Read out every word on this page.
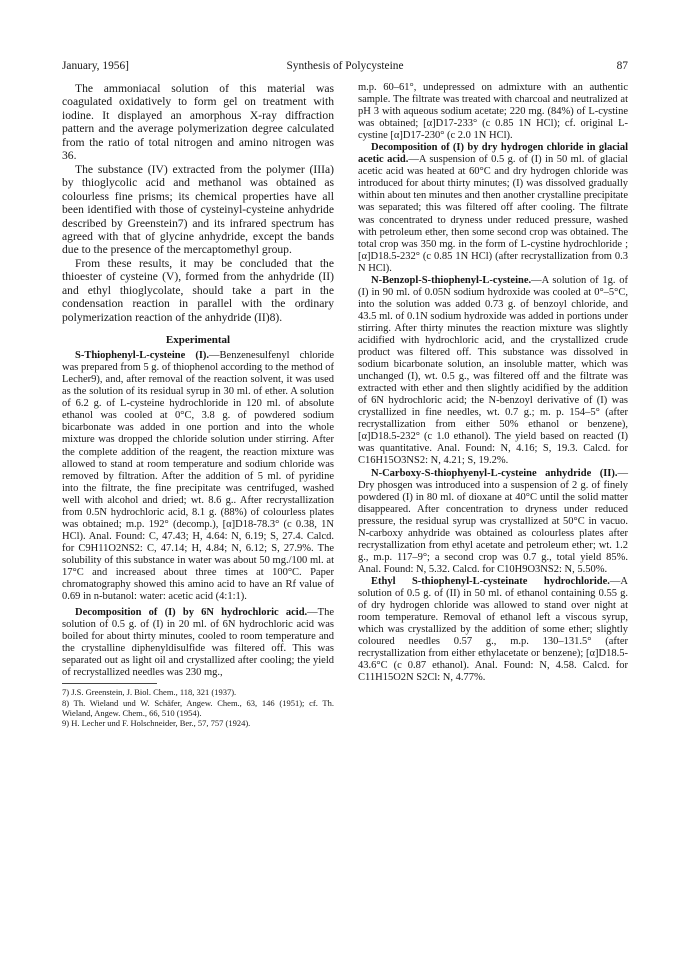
January, 1956]	Synthesis of Polycysteine	87

The ammoniacal solution of this material was coagulated oxidatively to form gel on treatment with iodine. It displayed an amorphous X-ray diffraction pattern and the average polymerization degree calculated from the ratio of total nitrogen and amino nitrogen was 36.

The substance (IV) extracted from the polymer (IIIa) by thioglycolic acid and methanol was obtained as colourless fine prisms; its chemical properties have all been identified with those of cysteinyl-cysteine anhydride described by Greenstein7) and its infrared spectrum has agreed with that of glycine anhydride, except the bands due to the presence of the mercaptomethyl group.

From these results, it may be concluded that the thioester of cysteine (V), formed from the anhydride (II) and ethyl thioglycolate, should take a part in the condensation reaction in parallel with the ordinary polymerization reaction of the anhydride (II)8).

Experimental

S-Thiophenyl-L-cysteine (I).—Benzenesulfenyl chloride was prepared from 5 g. of thiophenol according to the method of Lecher9), and, after removal of the reaction solvent, it was used as the solution of its residual syrup in 30 ml. of ether. A solution of 6.2 g. of L-cysteine hydrochloride in 120 ml. of absolute ethanol was cooled at 0°C, 3.8 g. of powdered sodium bicarbonate was added in one portion and into the whole mixture was dropped the chloride solution under stirring. After the complete addition of the reagent, the reaction mixture was allowed to stand at room temperature and sodium chloride was removed by filtration. After the addition of 5 ml. of pyridine into the filtrate, the fine precipitate was centrifuged, washed well with alcohol and dried; wt. 8.6 g.. After recrystallization from 0.5N hydrochloric acid, 8.1 g. (88%) of colourless plates was obtained; m.p. 192° (decomp.), [α]D18-78.3° (c 0.38, 1N HCl). Anal. Found: C, 47.43; H, 4.64: N, 6.19; S, 27.4. Calcd. for C9H11O2NS2: C, 47.14; H, 4.84; N, 6.12; S, 27.9%. The solubility of this substance in water was about 50 mg./100 ml. at 17°C and increased about three times at 100°C. Paper chromatography showed this amino acid to have an Rf value of 0.69 in n-butanol: water: acetic acid (4:1:1).

Decomposition of (I) by 6N hydrochloric acid.—The solution of 0.5 g. of (I) in 20 ml. of 6N hydrochloric acid was boiled for about thirty minutes, cooled to room temperature and the crystalline diphenyldisulfide was filtered off. This was separated out as light oil and crystallized after cooling; the yield of recrystallized needles was 230 mg.,

7) J.S. Greenstein, J. Biol. Chem., 118, 321 (1937).

8) Th. Wieland und W. Schäfer, Angew. Chem., 63, 146 (1951); cf. Th. Wieland, Angew. Chem., 66, 510 (1954).

9) H. Lecher und F. Holschneider, Ber., 57, 757 (1924).

m.p. 60–61°, undepressed on admixture with an authentic sample. The filtrate was treated with charcoal and neutralized at pH 3 with aqueous sodium acetate; 220 mg. (84%) of L-cystine was obtained; [α]D17-233° (c 0.85 1N HCl); cf. original L-cystine [α]D17-230° (c 2.0 1N HCl).

Decomposition of (I) by dry hydrogen chloride in glacial acetic acid.—A suspension of 0.5 g. of (I) in 50 ml. of glacial acetic acid was heated at 60°C and dry hydrogen chloride was introduced for about thirty minutes; (I) was dissolved gradually within about ten minutes and then another crystalline precipitate was separated; this was filtered off after cooling. The filtrate was concentrated to dryness under reduced pressure, washed with petroleum ether, then some second crop was obtained. The total crop was 350 mg. in the form of L-cystine hydrochloride ;[α]D18.5-232° (c 0.85 1N HCl) (after recrystallization from 0.3 N HCl).

N-Benzopl-S-thiophenyl-L-cysteine.—A solution of 1g. of (I) in 90 ml. of 0.05N sodium hydroxide was cooled at 0°–5°C, into the solution was added 0.73 g. of benzoyl chloride, and 43.5 ml. of 0.1N sodium hydroxide was added in portions under stirring. After thirty minutes the reaction mixture was slightly acidified with hydrochloric acid, and the crystallized crude product was filtered off. This substance was dissolved in sodium bicarbonate solution, an insoluble matter, which was unchanged (I), wt. 0.5 g., was filtered off and the filtrate was extracted with ether and then slightly acidified by the addition of 6N hydrochloric acid; the N-benzoyl derivative of (I) was crystallized in fine needles, wt. 0.7 g.; m. p. 154–5° (after recrystallization from either 50% ethanol or benzene), [α]D18.5-232° (c 1.0 ethanol). The yield based on reacted (I) was quantitative. Anal. Found: N, 4.16; S, 19.3. Calcd. for C16H15O3NS2: N, 4.21; S, 19.2%.

N-Carboxy-S-thiophyenyl-L-cysteine anhydride (II).—Dry phosgen was introduced into a suspension of 2 g. of finely powdered (I) in 80 ml. of dioxane at 40°C until the solid matter disappeared. After concentration to dryness under reduced pressure, the residual syrup was crystallized at 50°C in vacuo. N-carboxy anhydride was obtained as colourless plates after recrystallization from ethyl acetate and petroleum ether; wt. 1.2 g., m.p. 117–9°; a second crop was 0.7 g., total yield 85%. Anal. Found: N, 5.32. Calcd. for C10H9O3NS2: N, 5.50%.

Ethyl S-thiophenyl-L-cysteinate hydrochloride.—A solution of 0.5 g. of (II) in 50 ml. of ethanol containing 0.55 g. of dry hydrogen chloride was allowed to stand over night at room temperature. Removal of ethanol left a viscous syrup, which was crystallized by the addition of some ether; slightly coloured needles 0.57 g., m.p. 130–131.5° (after recrystallization from either ethylacetate or benzene); [α]D18.5-43.6°C (c 0.87 ethanol). Anal. Found: N, 4.58. Calcd. for C11H15O2N S2Cl: N, 4.77%.
